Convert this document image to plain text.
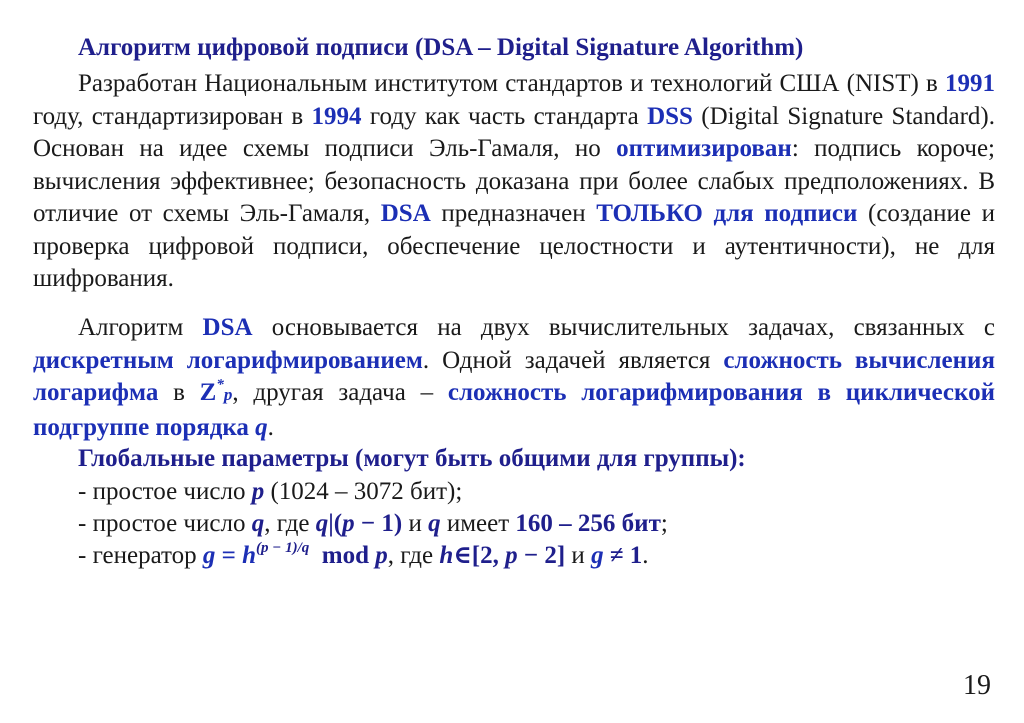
Алгоритм цифровой подписи (DSA – Digital Signature Algorithm)
Разработан Национальным институтом стандартов и технологий США (NIST) в 1991 году, стандартизирован в 1994 году как часть стандарта DSS (Digital Signature Standard). Основан на идее схемы подписи Эль-Гамаля, но оптимизирован: подпись короче; вычисления эффективнее; безопасность доказана при более слабых предположениях. В отличие от схемы Эль-Гамаля, DSA предназначен ТОЛЬКО для подписи (создание и проверка цифровой подписи, обеспечение целостности и аутентичности), не для шифрования.
Алгоритм DSA основывается на двух вычислительных задачах, связанных с дискретным логарифмированием. Одной задачей является сложность вычисления логарифма в Z*p, другая задача – сложность логарифмирования в циклической подгруппе порядка q.
Глобальные параметры (могут быть общими для группы):
- простое число p (1024 – 3072 бит);
- простое число q, где q|(p − 1) и q имеет 160 – 256 бит;
- генератор $g = h^{(p - 1)/q}$  mod p, где h∈[2, p − 2] и g ≠ 1.
19
